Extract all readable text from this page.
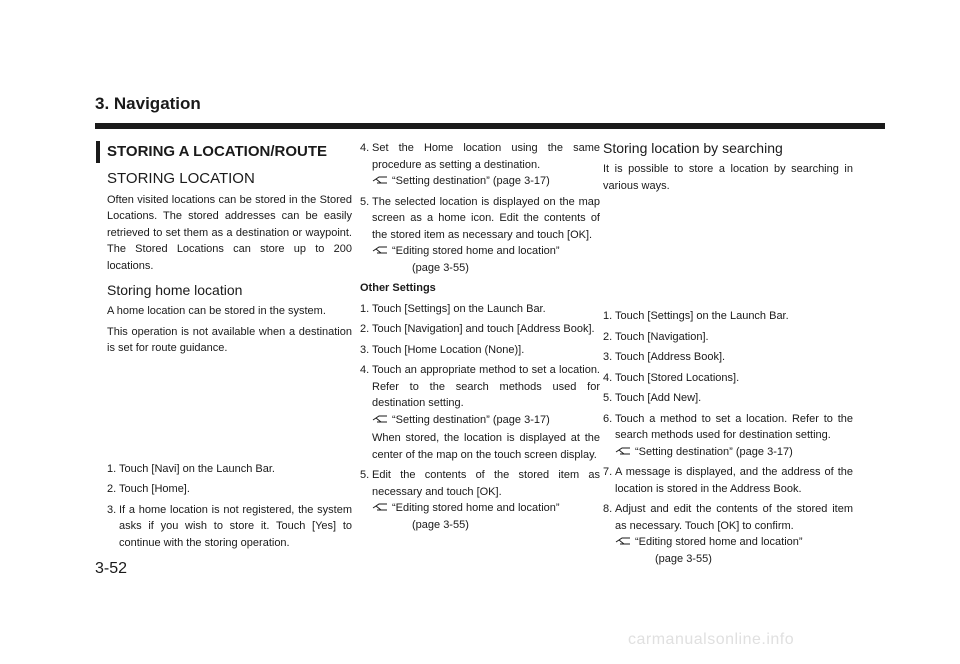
3. Navigation
STORING A LOCATION/ROUTE
STORING LOCATION

Often visited locations can be stored in the Stored Locations. The stored addresses can be easily retrieved to set them as a destination or waypoint. The Stored Locations can store up to 200 locations.

Storing home location

A home location can be stored in the system.

This operation is not available when a destination is set for route guidance.

1. Touch [Navi] on the Launch Bar.
2. Touch [Home].
3. If a home location is not registered, the system asks if you wish to store it. Touch [Yes] to continue with the storing operation.
4. Set the Home location using the same procedure as setting a destination.
“Setting destination” (page 3-17)
5. The selected location is displayed on the map screen as a home icon. Edit the contents of the stored item as necessary and touch [OK].
“Editing stored home and location”
(page 3-55)
Other Settings
1. Touch [Settings] on the Launch Bar.
2. Touch [Navigation] and touch [Address Book].
3. Touch [Home Location (None)].
4. Touch an appropriate method to set a location. Refer to the search methods used for destination setting.
“Setting destination” (page 3-17)
When stored, the location is displayed at the center of the map on the touch screen display.
5. Edit the contents of the stored item as necessary and touch [OK].
“Editing stored home and location”
(page 3-55)
Storing location by searching

It is possible to store a location by searching in various ways.

1. Touch [Settings] on the Launch Bar.
2. Touch [Navigation].
3. Touch [Address Book].
4. Touch [Stored Locations].
5. Touch [Add New].
6. Touch a method to set a location. Refer to the search methods used for destination setting.
“Setting destination” (page 3-17)
7. A message is displayed, and the address of the location is stored in the Address Book.
8. Adjust and edit the contents of the stored item as necessary. Touch [OK] to confirm.
“Editing stored home and location”
(page 3-55)

3-52

carmanualsonline.info
